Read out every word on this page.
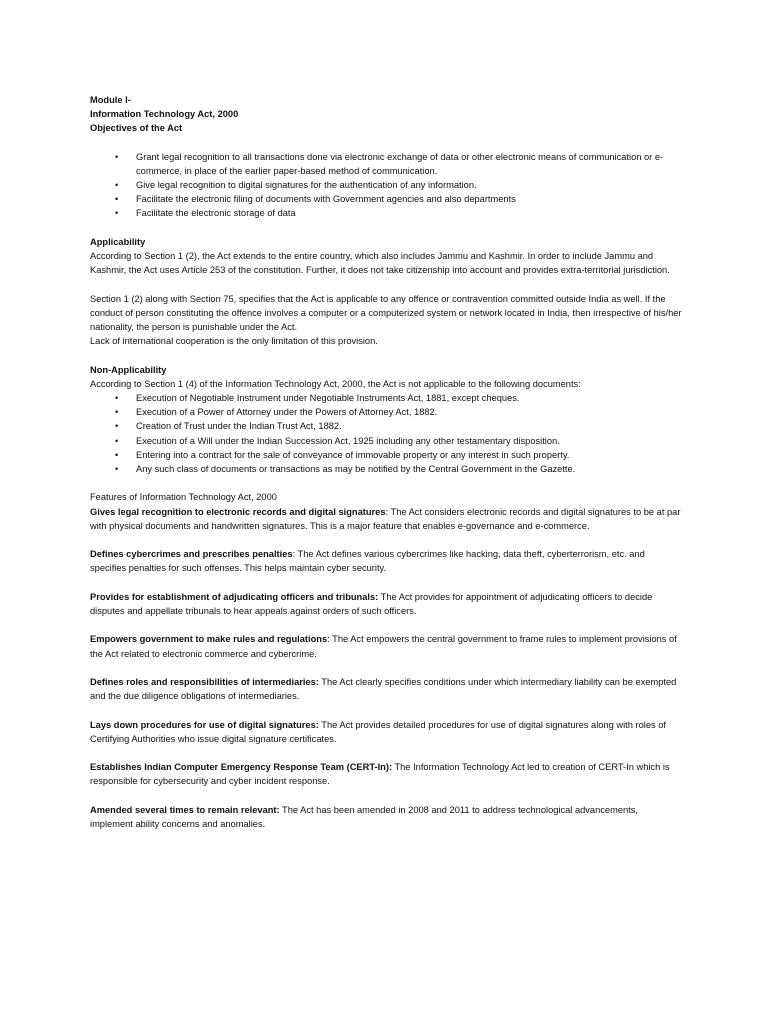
Module I-

Information Technology Act, 2000

Objectives of the Act

• Grant legal recognition to all transactions done via electronic exchange of data or other electronic means of communication or e-commerce, in place of the earlier paper-based method of communication.
• Give legal recognition to digital signatures for the authentication of any information.
• Facilitate the electronic filing of documents with Government agencies and also departments
• Facilitate the electronic storage of data

Applicability

According to Section 1 (2), the Act extends to the entire country, which also includes Jammu and Kashmir. In order to include Jammu and Kashmir, the Act uses Article 253 of the constitution. Further, it does not take citizenship into account and provides extra-territorial jurisdiction.

Section 1 (2) along with Section 75, specifies that the Act is applicable to any offence or contravention committed outside India as well. If the conduct of person constituting the offence involves a computer or a computerized system or network located in India, then irrespective of his/her nationality, the person is punishable under the Act.

Lack of international cooperation is the only limitation of this provision.

Non-Applicability

According to Section 1 (4) of the Information Technology Act, 2000, the Act is not applicable to the following documents:

• Execution of Negotiable Instrument under Negotiable Instruments Act, 1881, except cheques.
• Execution of a Power of Attorney under the Powers of Attorney Act, 1882.
• Creation of Trust under the Indian Trust Act, 1882.
• Execution of a Will under the Indian Succession Act, 1925 including any other testamentary disposition.
• Entering into a contract for the sale of conveyance of immovable property or any interest in such property.
• Any such class of documents or transactions as may be notified by the Central Government in the Gazette.

Features of Information Technology Act, 2000

Gives legal recognition to electronic records and digital signatures: The Act considers electronic records and digital signatures to be at par with physical documents and handwritten signatures. This is a major feature that enables e-governance and e-commerce.

Defines cybercrimes and prescribes penalties: The Act defines various cybercrimes like hacking, data theft, cyberterrorism, etc. and specifies penalties for such offenses. This helps maintain cyber security.

Provides for establishment of adjudicating officers and tribunals: The Act provides for appointment of adjudicating officers to decide disputes and appellate tribunals to hear appeals against orders of such officers.

Empowers government to make rules and regulations: The Act empowers the central government to frame rules to implement provisions of the Act related to electronic commerce and cybercrime.

Defines roles and responsibilities of intermediaries: The Act clearly specifies conditions under which intermediary liability can be exempted and the due diligence obligations of intermediaries.

Lays down procedures for use of digital signatures: The Act provides detailed procedures for use of digital signatures along with roles of Certifying Authorities who issue digital signature certificates.

Establishes Indian Computer Emergency Response Team (CERT-In): The Information Technology Act led to creation of CERT-In which is responsible for cybersecurity and cyber incident response.

Amended several times to remain relevant: The Act has been amended in 2008 and 2011 to address technological advancements, implement ability concerns and anomalies.
